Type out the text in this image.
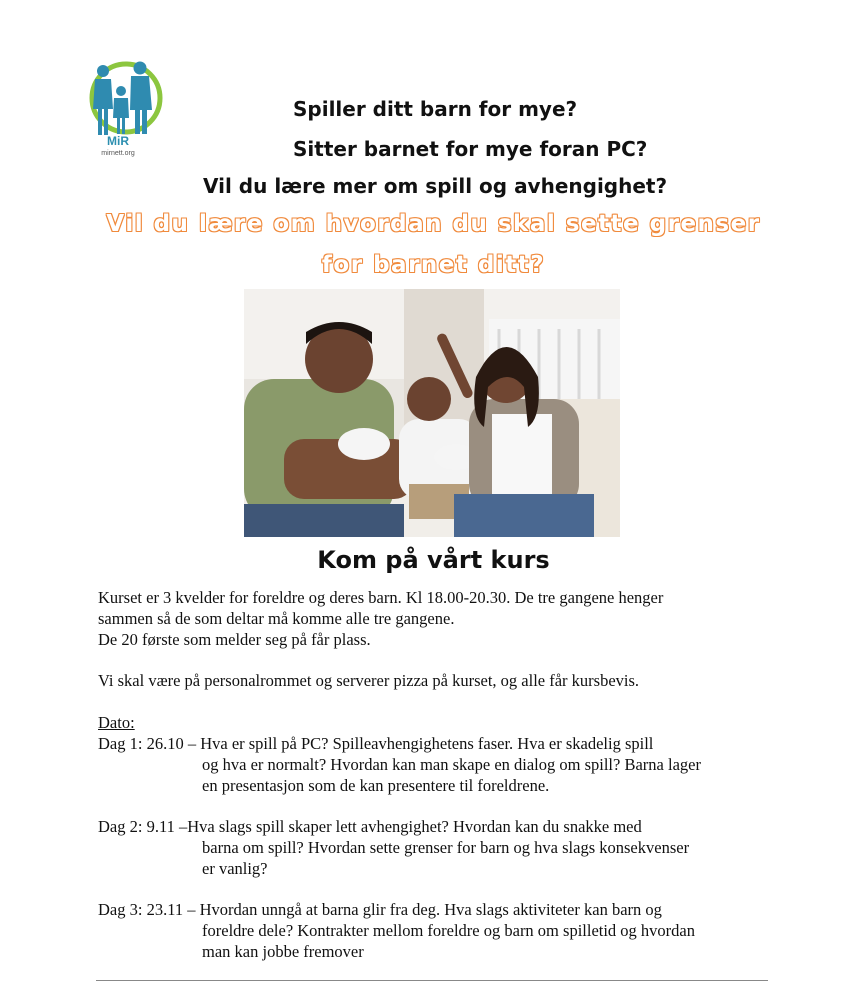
MiR
mirnett.org
Spiller ditt barn for mye?
Sitter barnet for mye foran PC?
Vil du lære mer om spill og avhengighet?
Vil du lære om hvordan du skal sette grenser
for barnet ditt?
Kom på vårt kurs
Kurset er 3 kvelder for foreldre og deres barn. Kl 18.00-20.30. De tre gangene henger
sammen så de som deltar må komme alle tre gangene.
De 20 første som melder seg på får plass.
Vi skal være på personalrommet og serverer pizza på kurset, og alle får kursbevis.
Dato:
Dag 1: 26.10 – Hva er spill på PC? Spilleavhengighetens faser. Hva er skadelig spill
og hva er normalt? Hvordan kan man skape en dialog om spill? Barna lager
en presentasjon som de kan presentere til foreldrene.
Dag 2: 9.11 –Hva slags spill skaper lett avhengighet? Hvordan kan du snakke med
barna om spill? Hvordan sette grenser for barn og hva slags konsekvenser
er vanlig?
Dag 3: 23.11 – Hvordan unngå at barna glir fra deg. Hva slags aktiviteter kan barn og
foreldre dele? Kontrakter mellom foreldre og barn om spilletid og hvordan
man kan jobbe fremover
